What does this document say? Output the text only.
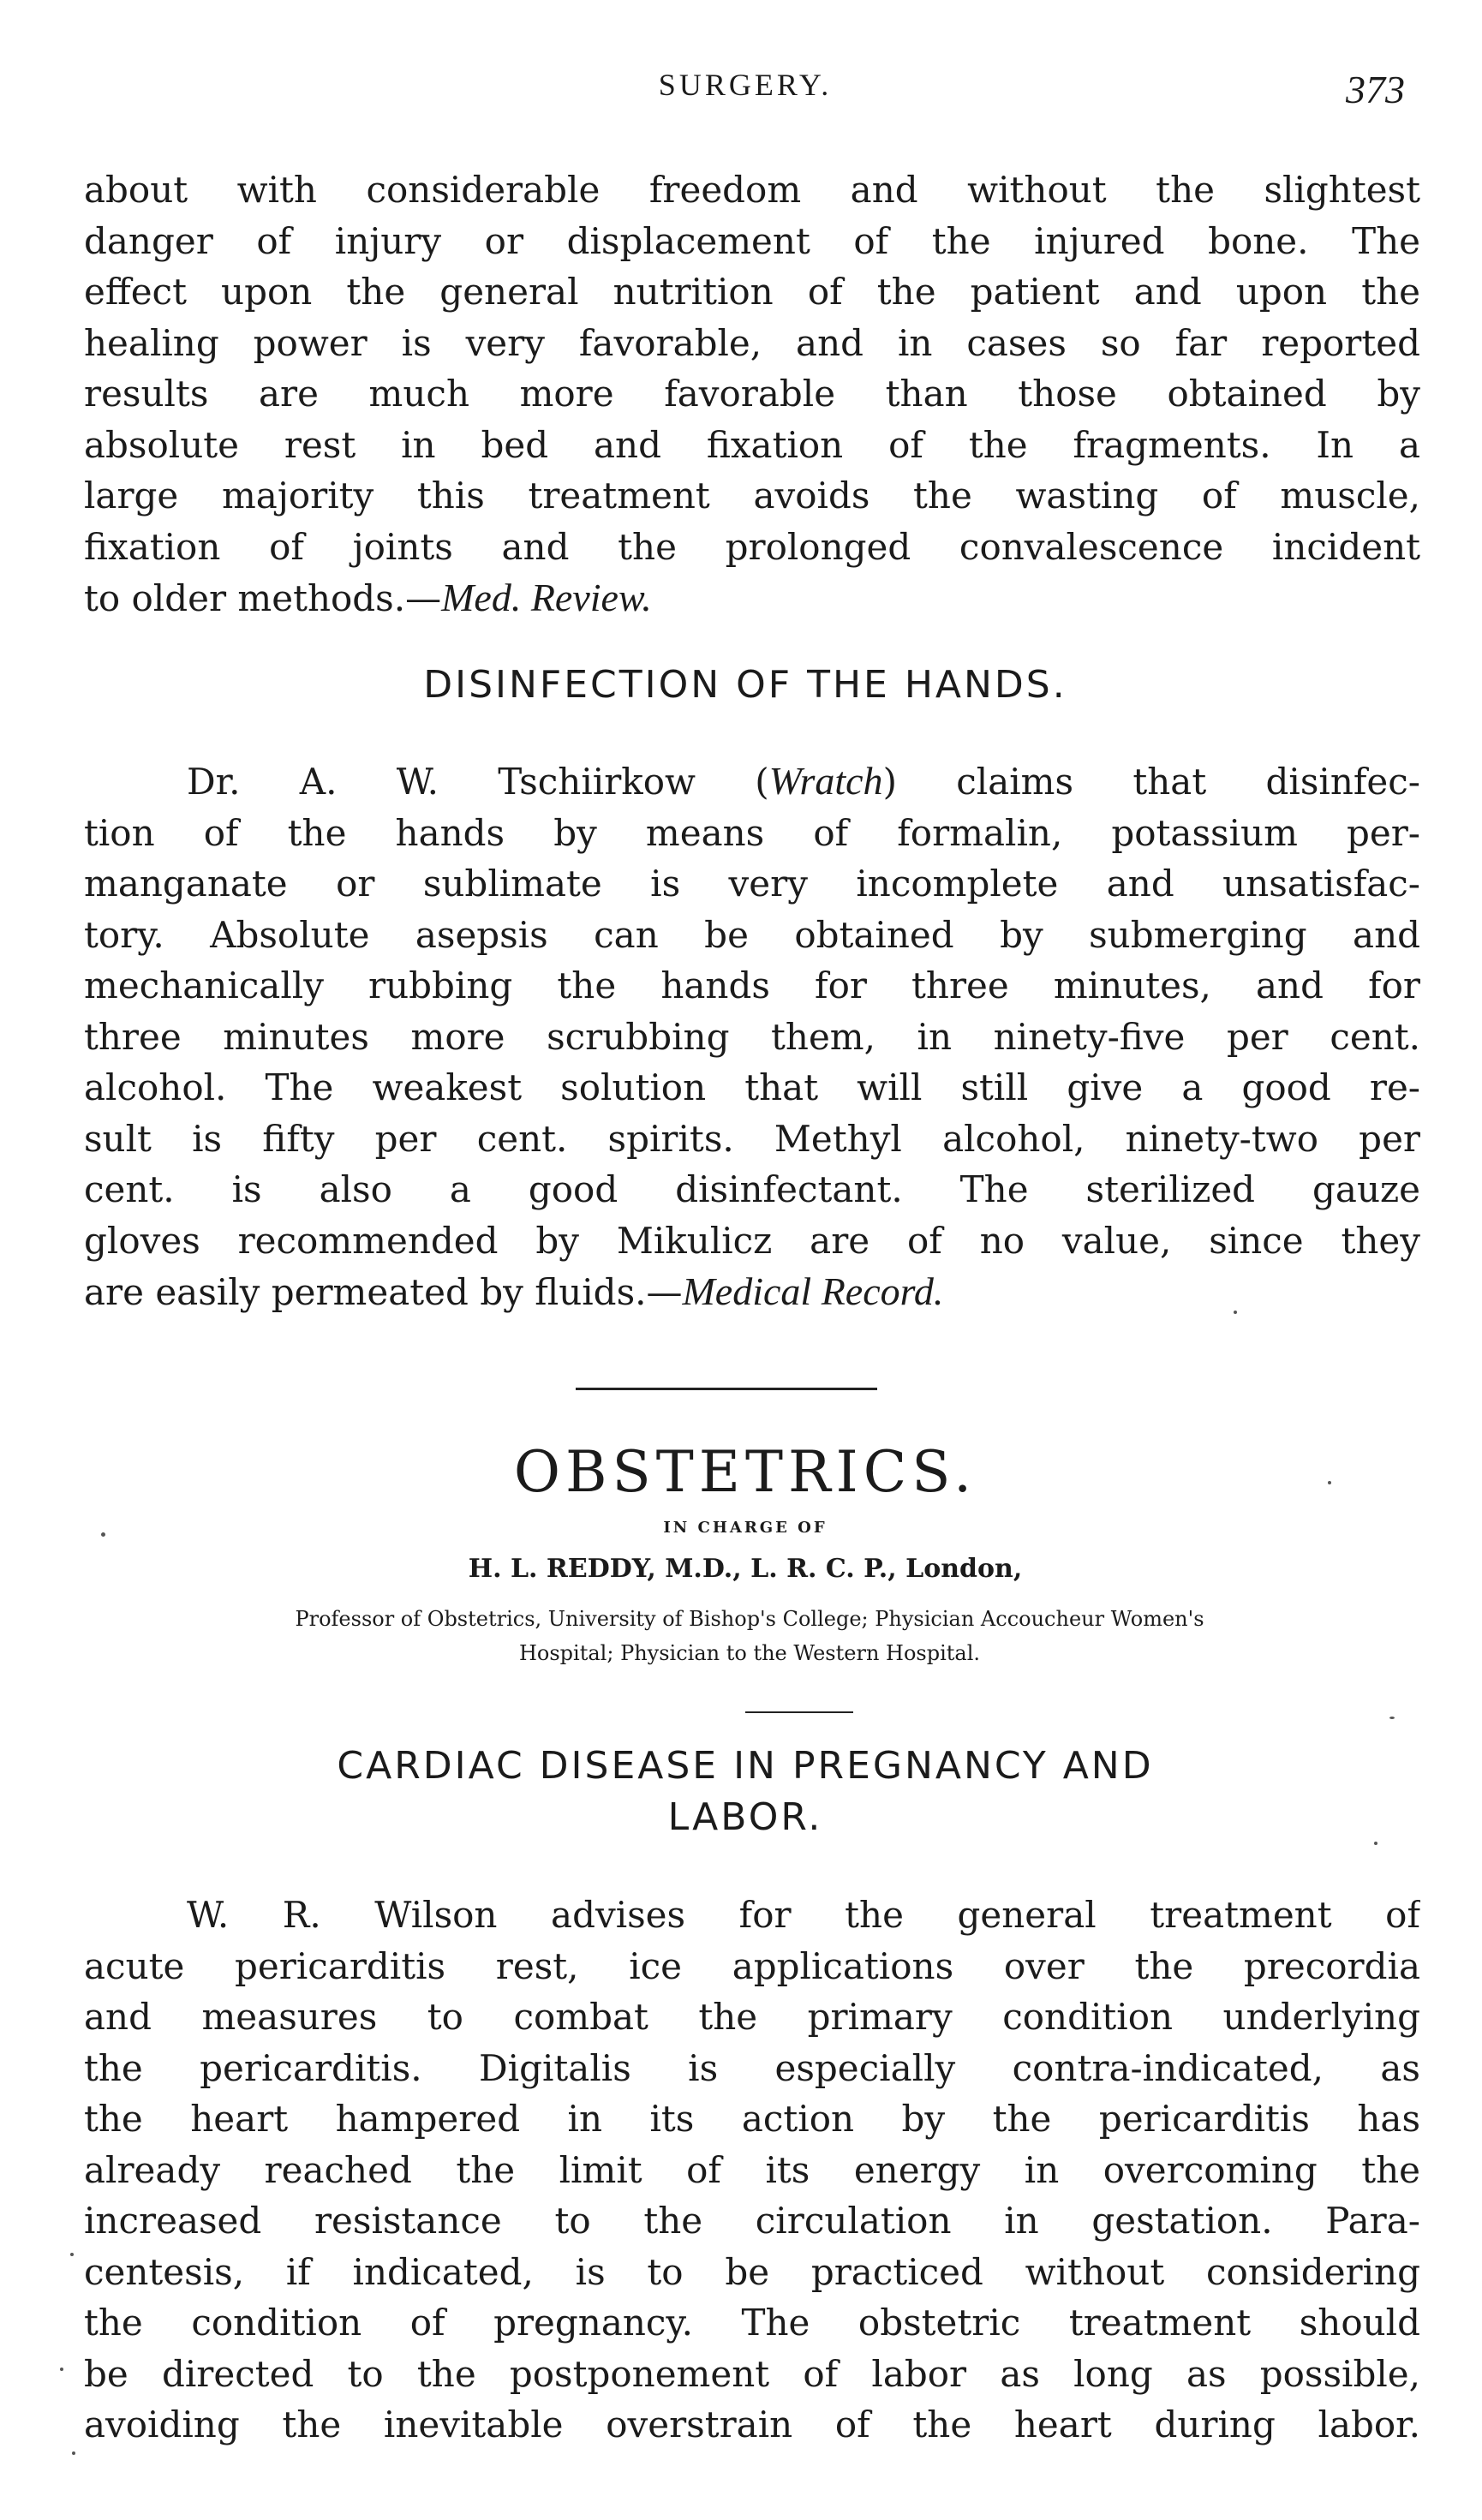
SURGERY.	373
about with considerable freedom and without the slightest
danger of injury or displacement of the injured bone. The
effect upon the general nutrition of the patient and upon the
healing power is very favorable, and in cases so far reported
results are much more favorable than those obtained by
absolute rest in bed and fixation of the fragments. In a
large majority this treatment avoids the wasting of muscle,
fixation of joints and the prolonged convalescence incident
to older methods.—Med. Review.
DISINFECTION OF THE HANDS.
Dr. A. W. Tschiirkow (Wratch) claims that disinfec-
tion of the hands by means of formalin, potassium per-
manganate or sublimate is very incomplete and unsatisfac-
tory. Absolute asepsis can be obtained by submerging and
mechanically rubbing the hands for three minutes, and for
three minutes more scrubbing them, in ninety-five per cent.
alcohol. The weakest solution that will still give a good re-
sult is fifty per cent. spirits. Methyl alcohol, ninety-two per
cent. is also a good disinfectant. The sterilized gauze
gloves recommended by Mikulicz are of no value, since they
are easily permeated by fluids.—Medical Record.
OBSTETRICS.
IN CHARGE OF
H. L. REDDY, M.D., L. R. C. P., London,
Professor of Obstetrics, University of Bishop's College; Physician Accoucheur Women's
Hospital; Physician to the Western Hospital.
CARDIAC DISEASE IN PREGNANCY AND
LABOR.
W. R. Wilson advises for the general treatment of
acute pericarditis rest, ice applications over the precordia
and measures to combat the primary condition underlying
the pericarditis. Digitalis is especially contra-indicated, as
the heart hampered in its action by the pericarditis has
already reached the limit of its energy in overcoming the
increased resistance to the circulation in gestation. Para-
centesis, if indicated, is to be practiced without considering
the condition of pregnancy. The obstetric treatment should
be directed to the postponement of labor as long as possible,
avoiding the inevitable overstrain of the heart during labor.
